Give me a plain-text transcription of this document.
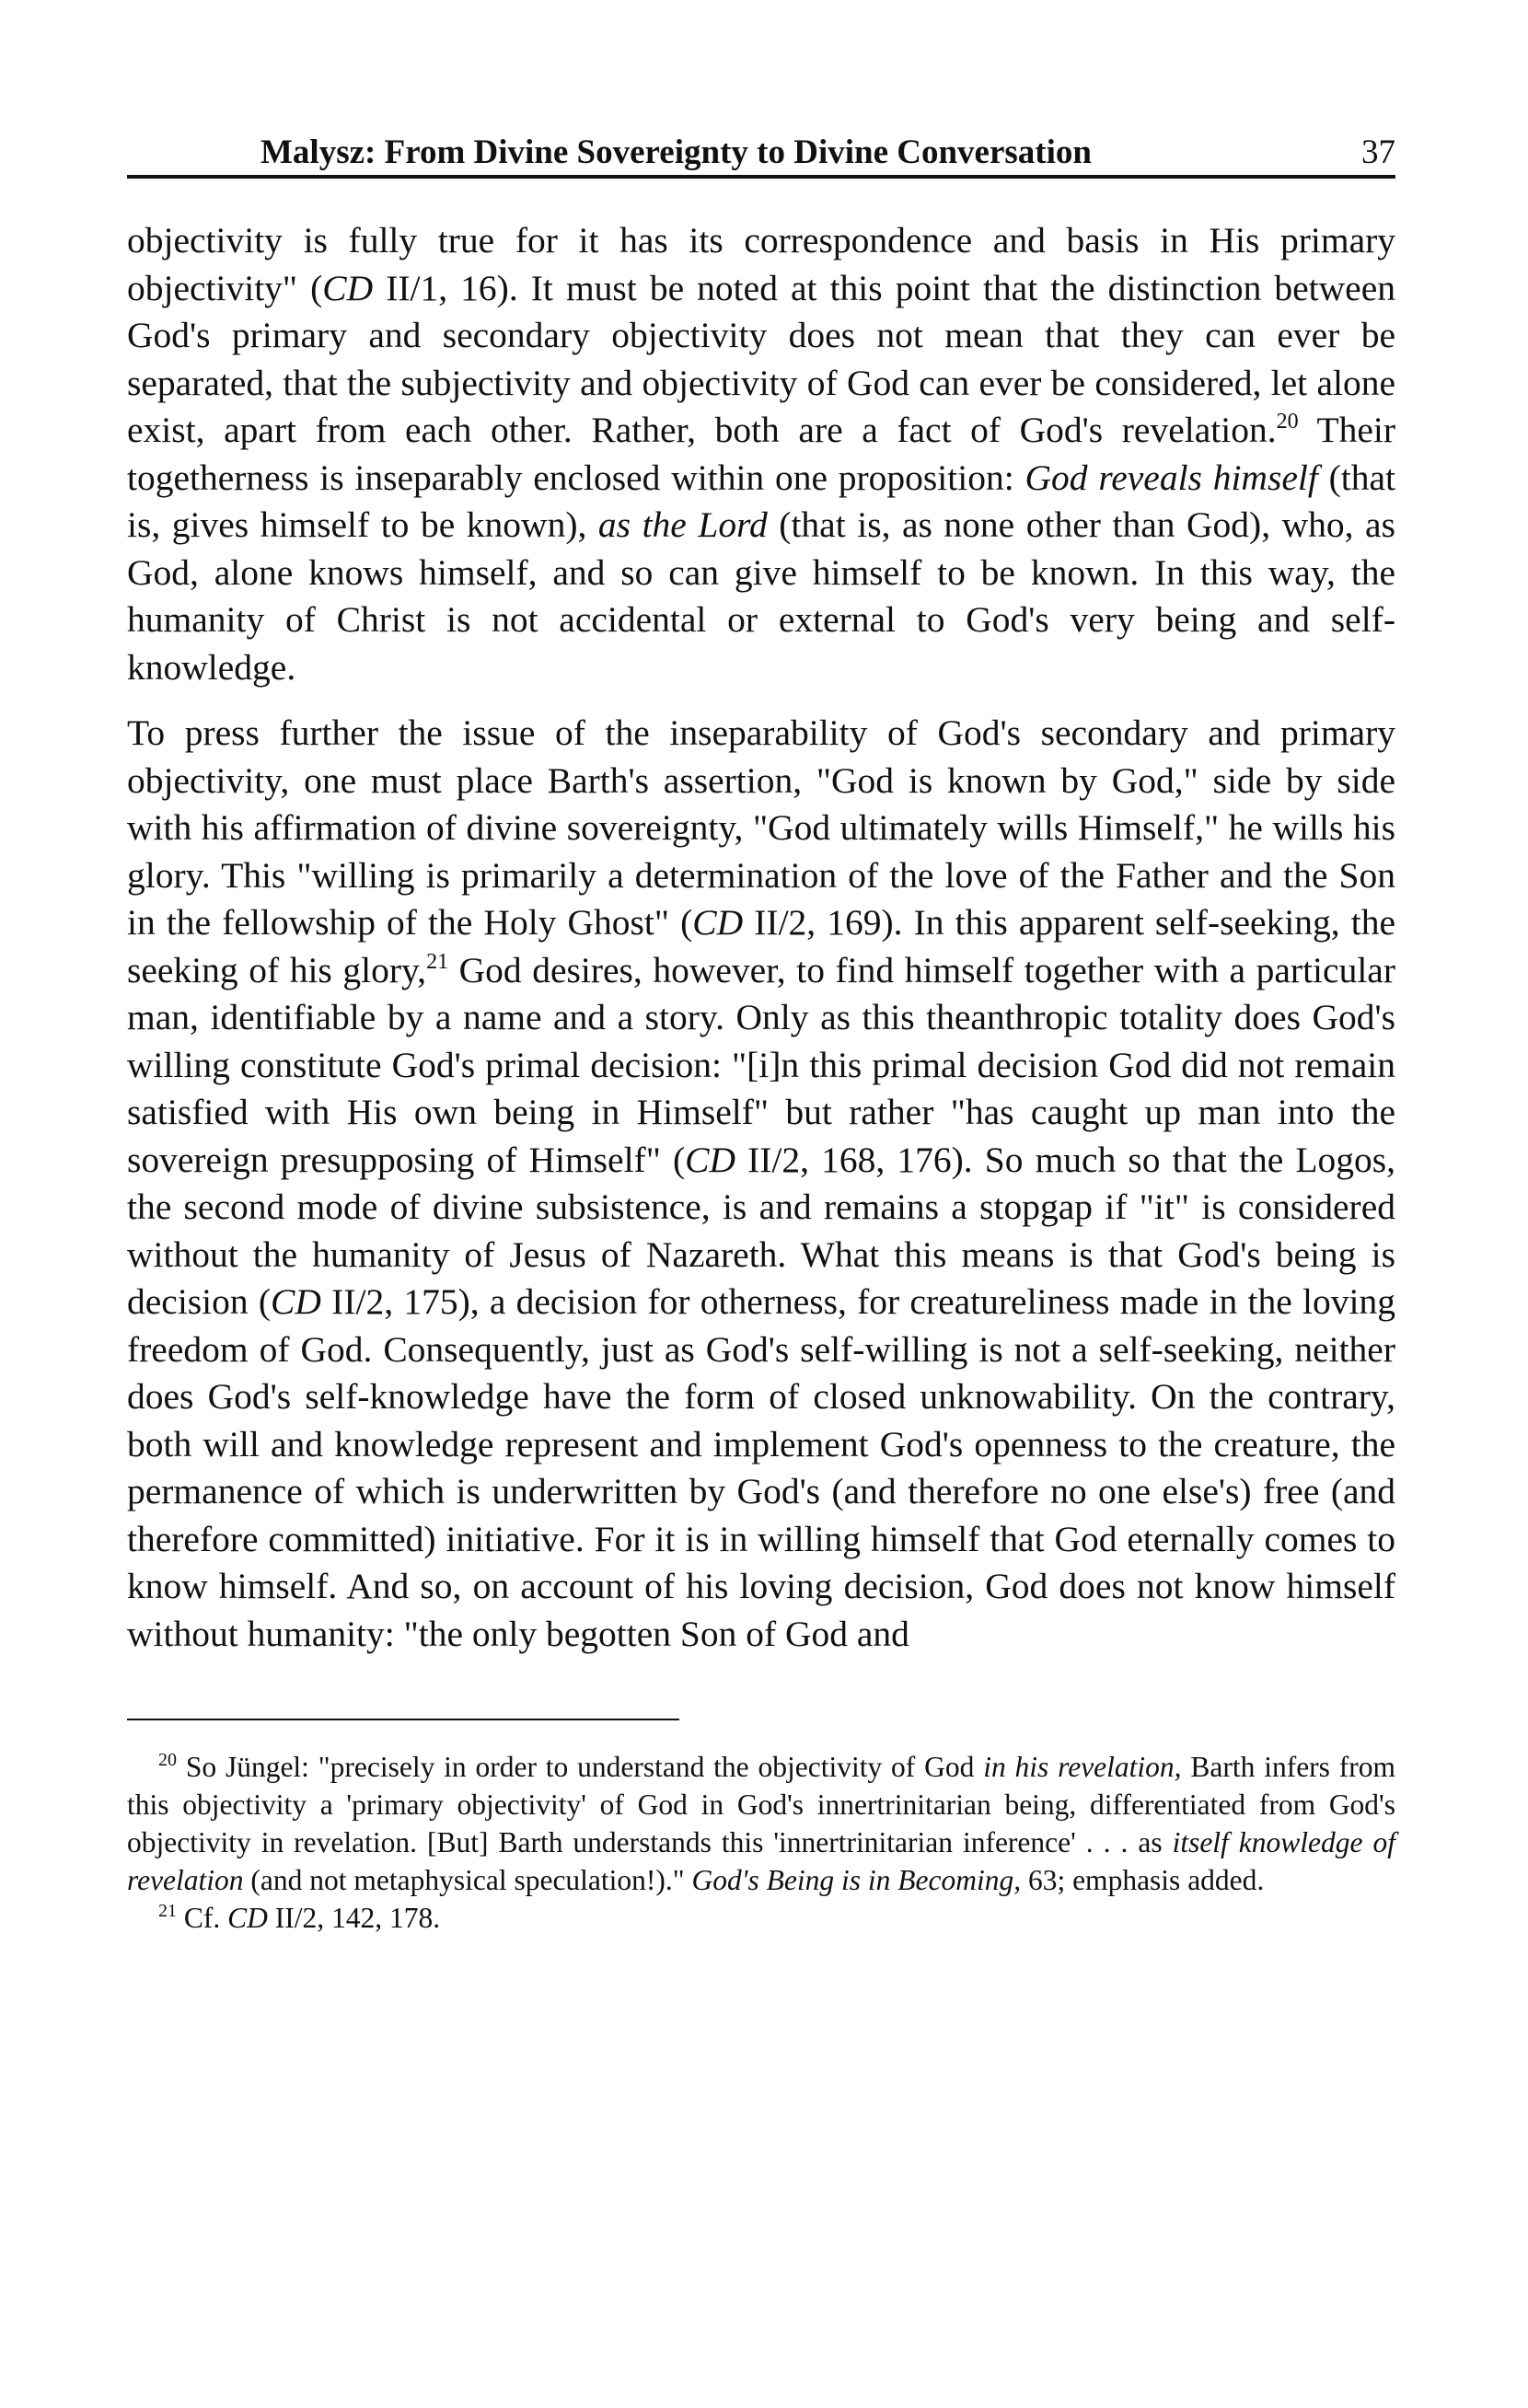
Malysz: From Divine Sovereignty to Divine Conversation	37

objectivity is fully true for it has its correspondence and basis in His primary objectivity" (CD II/1, 16). It must be noted at this point that the distinction between God's primary and secondary objectivity does not mean that they can ever be separated, that the subjectivity and objectivity of God can ever be considered, let alone exist, apart from each other. Rather, both are a fact of God's revelation.$^{20}$ Their togetherness is inseparably enclosed within one proposition: God reveals himself (that is, gives himself to be known), as the Lord (that is, as none other than God), who, as God, alone knows himself, and so can give himself to be known. In this way, the humanity of Christ is not accidental or external to God's very being and self-knowledge.

To press further the issue of the inseparability of God's secondary and primary objectivity, one must place Barth's assertion, "God is known by God," side by side with his affirmation of divine sovereignty, "God ultimately wills Himself," he wills his glory. This "willing is primarily a determination of the love of the Father and the Son in the fellowship of the Holy Ghost" (CD II/2, 169). In this apparent self-seeking, the seeking of his glory,$^{21}$ God desires, however, to find himself together with a particular man, identifiable by a name and a story. Only as this theanthropic totality does God's willing constitute God's primal decision: "[i]n this primal decision God did not remain satisfied with His own being in Himself" but rather "has caught up man into the sovereign presupposing of Himself" (CD II/2, 168, 176). So much so that the Logos, the second mode of divine subsistence, is and remains a stopgap if "it" is considered without the humanity of Jesus of Nazareth. What this means is that God's being is decision (CD II/2, 175), a decision for otherness, for creatureliness made in the loving freedom of God. Consequently, just as God's self-willing is not a self-seeking, neither does God's self-knowledge have the form of closed unknowability. On the contrary, both will and knowledge represent and implement God's openness to the creature, the permanence of which is underwritten by God's (and therefore no one else's) free (and therefore committed) initiative. For it is in willing himself that God eternally comes to know himself. And so, on account of his loving decision, God does not know himself without humanity: "the only begotten Son of God and

$^{20}$ So Jüngel: "precisely in order to understand the objectivity of God in his revelation, Barth infers from this objectivity a 'primary objectivity' of God in God's innertrinitarian being, differentiated from God's objectivity in revelation. [But] Barth understands this 'innertrinitarian inference' . . . as itself knowledge of revelation (and not metaphysical speculation!)." God's Being is in Becoming, 63; emphasis added.

$^{21}$ Cf. CD II/2, 142, 178.
